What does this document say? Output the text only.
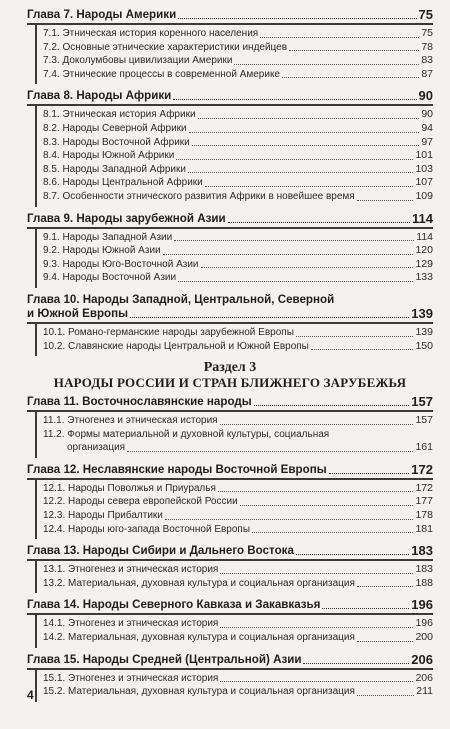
Глава 7. Народы Америки	75
7.1. Этническая история коренного населения	75
7.2. Основные этнические характеристики индейцев	78
7.3. Доколумбовы цивилизации Америки	83
7.4. Этнические процессы в современной Америке	87
Глава 8. Народы Африки	90
8.1. Этническая история Африки	90
8.2. Народы Северной Африки	94
8.3. Народы Восточной Африки	97
8.4. Народы Южной Африки	101
8.5. Народы Западной Африки	103
8.6. Народы Центральной Африки	107
8.7. Особенности этнического развития Африки в новейшее время	109
Глава 9. Народы зарубежной Азии	114
9.1. Народы Западной Азии	114
9.2. Народы Южной Азии	120
9.3. Народы Юго-Восточной Азии	129
9.4. Народы Восточной Азии	133
Глава 10. Народы Западной, Центральной, Северной
и Южной Европы	139
10.1. Романо-германские народы зарубежной Европы	139
10.2. Славянские народы Центральной и Южной Европы	150
Раздел 3
НАРОДЫ РОССИИ И СТРАН БЛИЖНЕГО ЗАРУБЕЖЬЯ
Глава 11. Восточнославянские народы	157
11.1. Этногенез и этническая история	157
11.2. Формы материальной и духовной культуры, социальная
организация	161
Глава 12. Неславянские народы Восточной Европы	172
12.1. Народы Поволжья и Приуралья	172
12.2. Народы севера европейской России	177
12.3. Народы Прибалтики	178
12.4. Народы юго-запада Восточной Европы	181
Глава 13. Народы Сибири и Дальнего Востока	183
13.1. Этногенез и этническая история	183
13.2. Материальная, духовная культура и социальная организация	188
Глава 14. Народы Северного Кавказа и Закавказья	196
14.1. Этногенез и этническая история	196
14.2. Материальная, духовная культура и социальная организация	200
Глава 15. Народы Средней (Центральной) Азии	206
15.1. Этногенез и этническая история	206
15.2. Материальная, духовная культура и социальная организация	211
4
